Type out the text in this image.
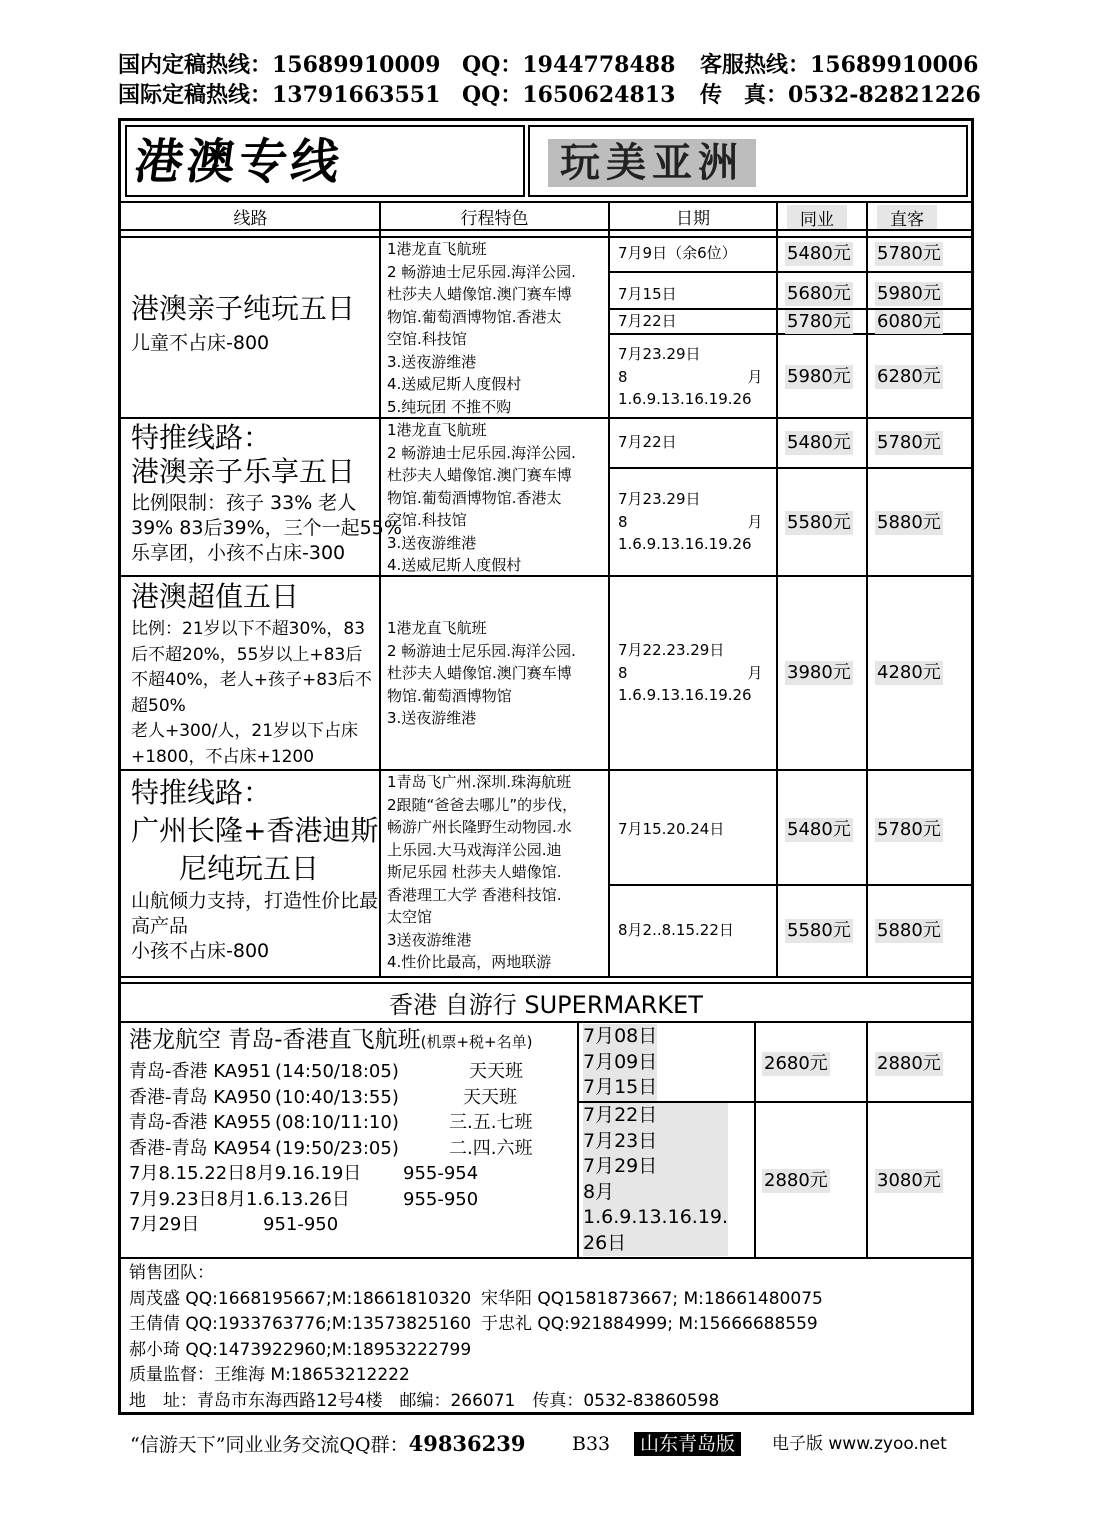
国内定稿热线：15689910009 QQ：1944778488 客服热线：15689910006
国际定稿热线：13791663551 QQ：1650624813 传　真：0532-82821226
港澳专线	玩美亚洲
线路	行程特色	日期	同业	直客
港澳亲子纯玩五日
儿童不占床-800
1港龙直飞航班
2 畅游迪士尼乐园.海洋公园.
杜莎夫人蜡像馆.澳门赛车博
物馆.葡萄酒博物馆.香港太
空馆.科技馆
3.送夜游维港
4.送威尼斯人度假村
5.纯玩团 不推不购
7月9日（余6位）	5480元 5780元
7月15日	5680元 5980元
7月22日	5780元 6080元
7月23.29日
8　　　　　　　　月
1.6.9.13.16.19.26
5980元 6280元
特推线路：
港澳亲子乐享五日
比例限制：孩子 33% 老人
39% 83后39%，三个一起55%
乐享团，小孩不占床-300
1港龙直飞航班
2 畅游迪士尼乐园.海洋公园.
杜莎夫人蜡像馆.澳门赛车博
物馆.葡萄酒博物馆.香港太
空馆.科技馆
3.送夜游维港
4.送威尼斯人度假村
7月22日	5480元 5780元
7月23.29日
8　　　　　　　　月
1.6.9.13.16.19.26
5580元 5880元
港澳超值五日
比例：21岁以下不超30%，83
后不超20%，55岁以上+83后
不超40%，老人+孩子+83后不
超50%
老人+300/人，21岁以下占床
+1800，不占床+1200
1港龙直飞航班
2 畅游迪士尼乐园.海洋公园.
杜莎夫人蜡像馆.澳门赛车博
物馆.葡萄酒博物馆
3.送夜游维港
7月22.23.29日
8　　　　　　　　月
1.6.9.13.16.19.26
3980元 4280元
特推线路：
广州长隆+香港迪斯
尼纯玩五日
山航倾力支持，打造性价比最
高产品
小孩不占床-800
1青岛飞广州.深圳.珠海航班
2跟随“爸爸去哪儿”的步伐，
畅游广州长隆野生动物园.水
上乐园.大马戏海洋公园.迪
斯尼乐园 杜莎夫人蜡像馆.
香港理工大学 香港科技馆.
太空馆
3送夜游维港
4.性价比最高，两地联游
7月15.20.24日	5480元 5780元
8月2..8.15.22日	5580元 5880元
香港 自游行 SUPERMARKET
港龙航空 青岛-香港直飞航班(机票+税+名单)
青岛-香港 KA951 (14:50/18:05)	天天班
香港-青岛 KA950 (10:40/13:55)	天天班
青岛-香港 KA955 (08:10/11:10)	三.五.七班
香港-青岛 KA954 (19:50/23:05)	二.四.六班
7月8.15.22日8月9.16.19日 955-954
7月9.23日8月1.6.13.26日	955-950
7月29日	951-950
7月08日
7月09日
7月15日
2680元	2880元
7月22日
7月23日
7月29日
8月
1.6.9.13.16.19.
26日
2880元	3080元
销售团队：
周茂盛 QQ:1668195667;M:18661810320 宋华阳 QQ1581873667; M:18661480075
王倩倩 QQ:1933763776;M:13573825160 于忠礼 QQ:921884999; M:15666688559
郝小琦 QQ:1473922960;M:18953222799
质量监督：王维海 M:18653212222
地　址：青岛市东海西路12号4楼　邮编：266071　传真：0532-83860598
“信游天下”同业业务交流QQ群：49836239 B33	山东青岛版	电子版 www.zyoo.net
